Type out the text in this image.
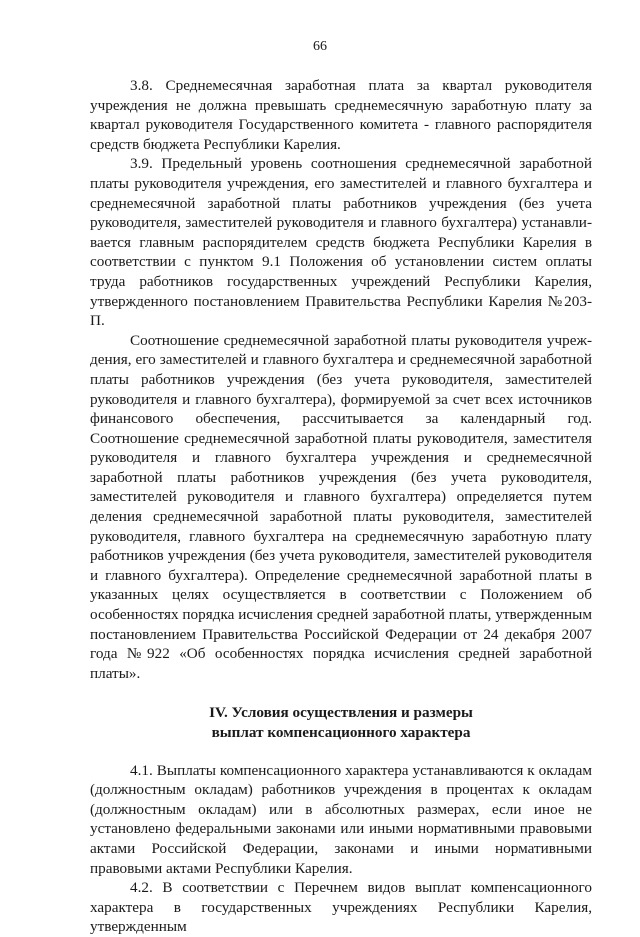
66

3.8. Среднемесячная заработная плата за квартал руководителя учреждения не должна превышать среднемесячную заработную плату за квартал руководителя Государственного комитета - главного распорядителя средств бюджета Республики Карелия.

3.9. Предельный уровень соотношения среднемесячной заработной платы руководителя учреждения, его заместителей и главного бухгалтера и среднемесячной заработной платы работников учреждения (без учета руководителя, заместителей руководителя и главного бухгалтера) устанавливается главным распорядителем средств бюджета Республики Карелия в соответствии с пунктом 9.1 Положения об установлении систем оплаты труда работников государственных учреждений Республики Карелия, утвержденного постановлением Правительства Республики Карелия №203-П.

Соотношение среднемесячной заработной платы руководителя учреждения, его заместителей и главного бухгалтера и среднемесячной заработной платы работников учреждения (без учета руководителя, заместителей руководителя и главного бухгалтера), формируемой за счет всех источников финансового обеспечения, рассчитывается за календарный год. Соотношение среднемесячной заработной платы руководителя, заместителя руководителя и главного бухгалтера учреждения и среднемесячной заработной платы работников учреждения (без учета руководителя, заместителей руководителя и главного бухгалтера) определяется путем деления среднемесячной заработной платы руководителя, заместителей руководителя, главного бухгалтера на среднемесячную заработную плату работников учреждения (без учета руководителя, заместителей руководителя и главного бухгалтера). Определение среднемесячной заработной платы в указанных целях осуществляется в соответствии с Положением об особенностях порядка исчисления средней заработной платы, утвержденным постановлением Правительства Российской Федерации от 24 декабря 2007 года №922 «Об особенностях порядка исчисления средней заработной платы».

IV. Условия осуществления и размеры
выплат компенсационного характера

4.1. Выплаты компенсационного характера устанавливаются к окладам (должностным окладам) работников учреждения в процентах к окладам (должностным окладам) или в абсолютных размерах, если иное не установлено федеральными законами или иными нормативными правовыми актами Российской Федерации, законами и иными нормативными правовыми актами Республики Карелия.

4.2. В соответствии с Перечнем видов выплат компенсационного характера в государственных учреждениях Республики Карелия, утвержденным
